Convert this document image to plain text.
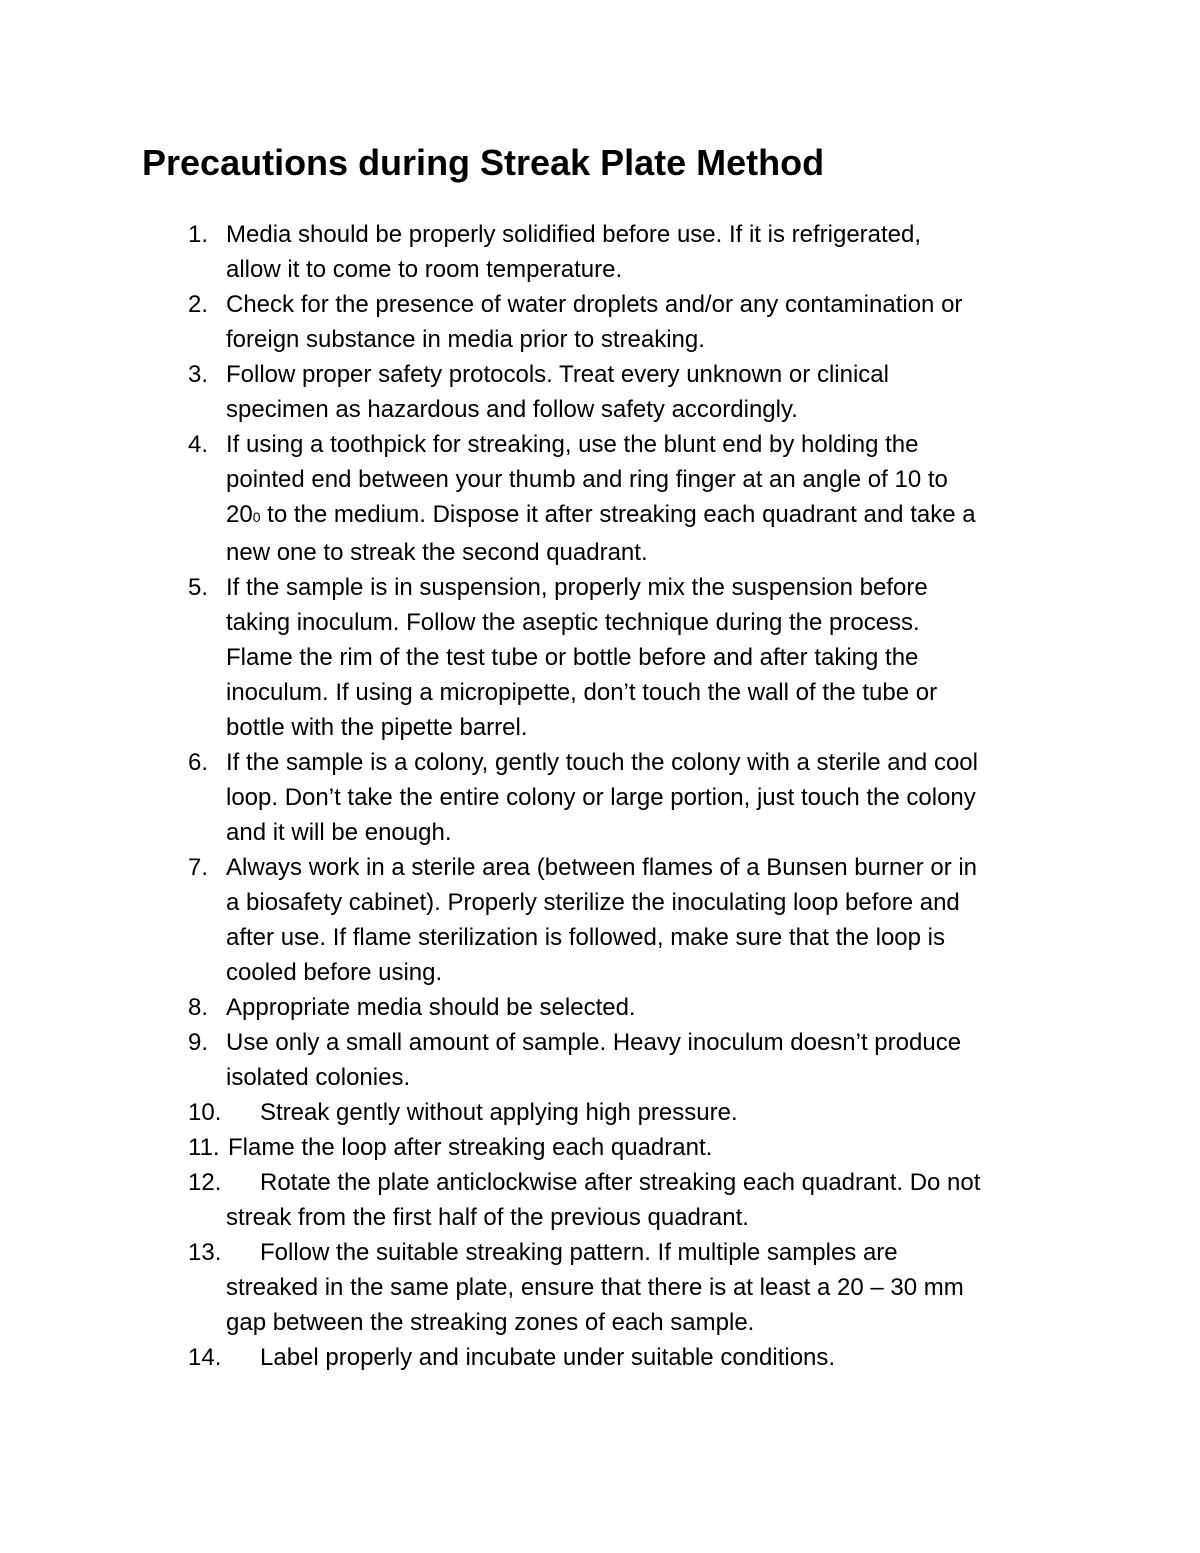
Precautions during Streak Plate Method
1. Media should be properly solidified before use. If it is refrigerated,
allow it to come to room temperature.
2. Check for the presence of water droplets and/or any contamination or
foreign substance in media prior to streaking.
3. Follow proper safety protocols. Treat every unknown or clinical
specimen as hazardous and follow safety accordingly.
4. If using a toothpick for streaking, use the blunt end by holding the
pointed end between your thumb and ring finger at an angle of 10 to
200 to the medium. Dispose it after streaking each quadrant and take a
new one to streak the second quadrant.
5. If the sample is in suspension, properly mix the suspension before
taking inoculum. Follow the aseptic technique during the process.
Flame the rim of the test tube or bottle before and after taking the
inoculum. If using a micropipette, don’t touch the wall of the tube or
bottle with the pipette barrel.
6. If the sample is a colony, gently touch the colony with a sterile and cool
loop. Don’t take the entire colony or large portion, just touch the colony
and it will be enough.
7. Always work in a sterile area (between flames of a Bunsen burner or in
a biosafety cabinet). Properly sterilize the inoculating loop before and
after use. If flame sterilization is followed, make sure that the loop is
cooled before using.
8. Appropriate media should be selected.
9. Use only a small amount of sample. Heavy inoculum doesn’t produce
isolated colonies.
10. Streak gently without applying high pressure.
11. Flame the loop after streaking each quadrant.
12. Rotate the plate anticlockwise after streaking each quadrant. Do not
streak from the first half of the previous quadrant.
13. Follow the suitable streaking pattern. If multiple samples are
streaked in the same plate, ensure that there is at least a 20 – 30 mm
gap between the streaking zones of each sample.
14. Label properly and incubate under suitable conditions.
